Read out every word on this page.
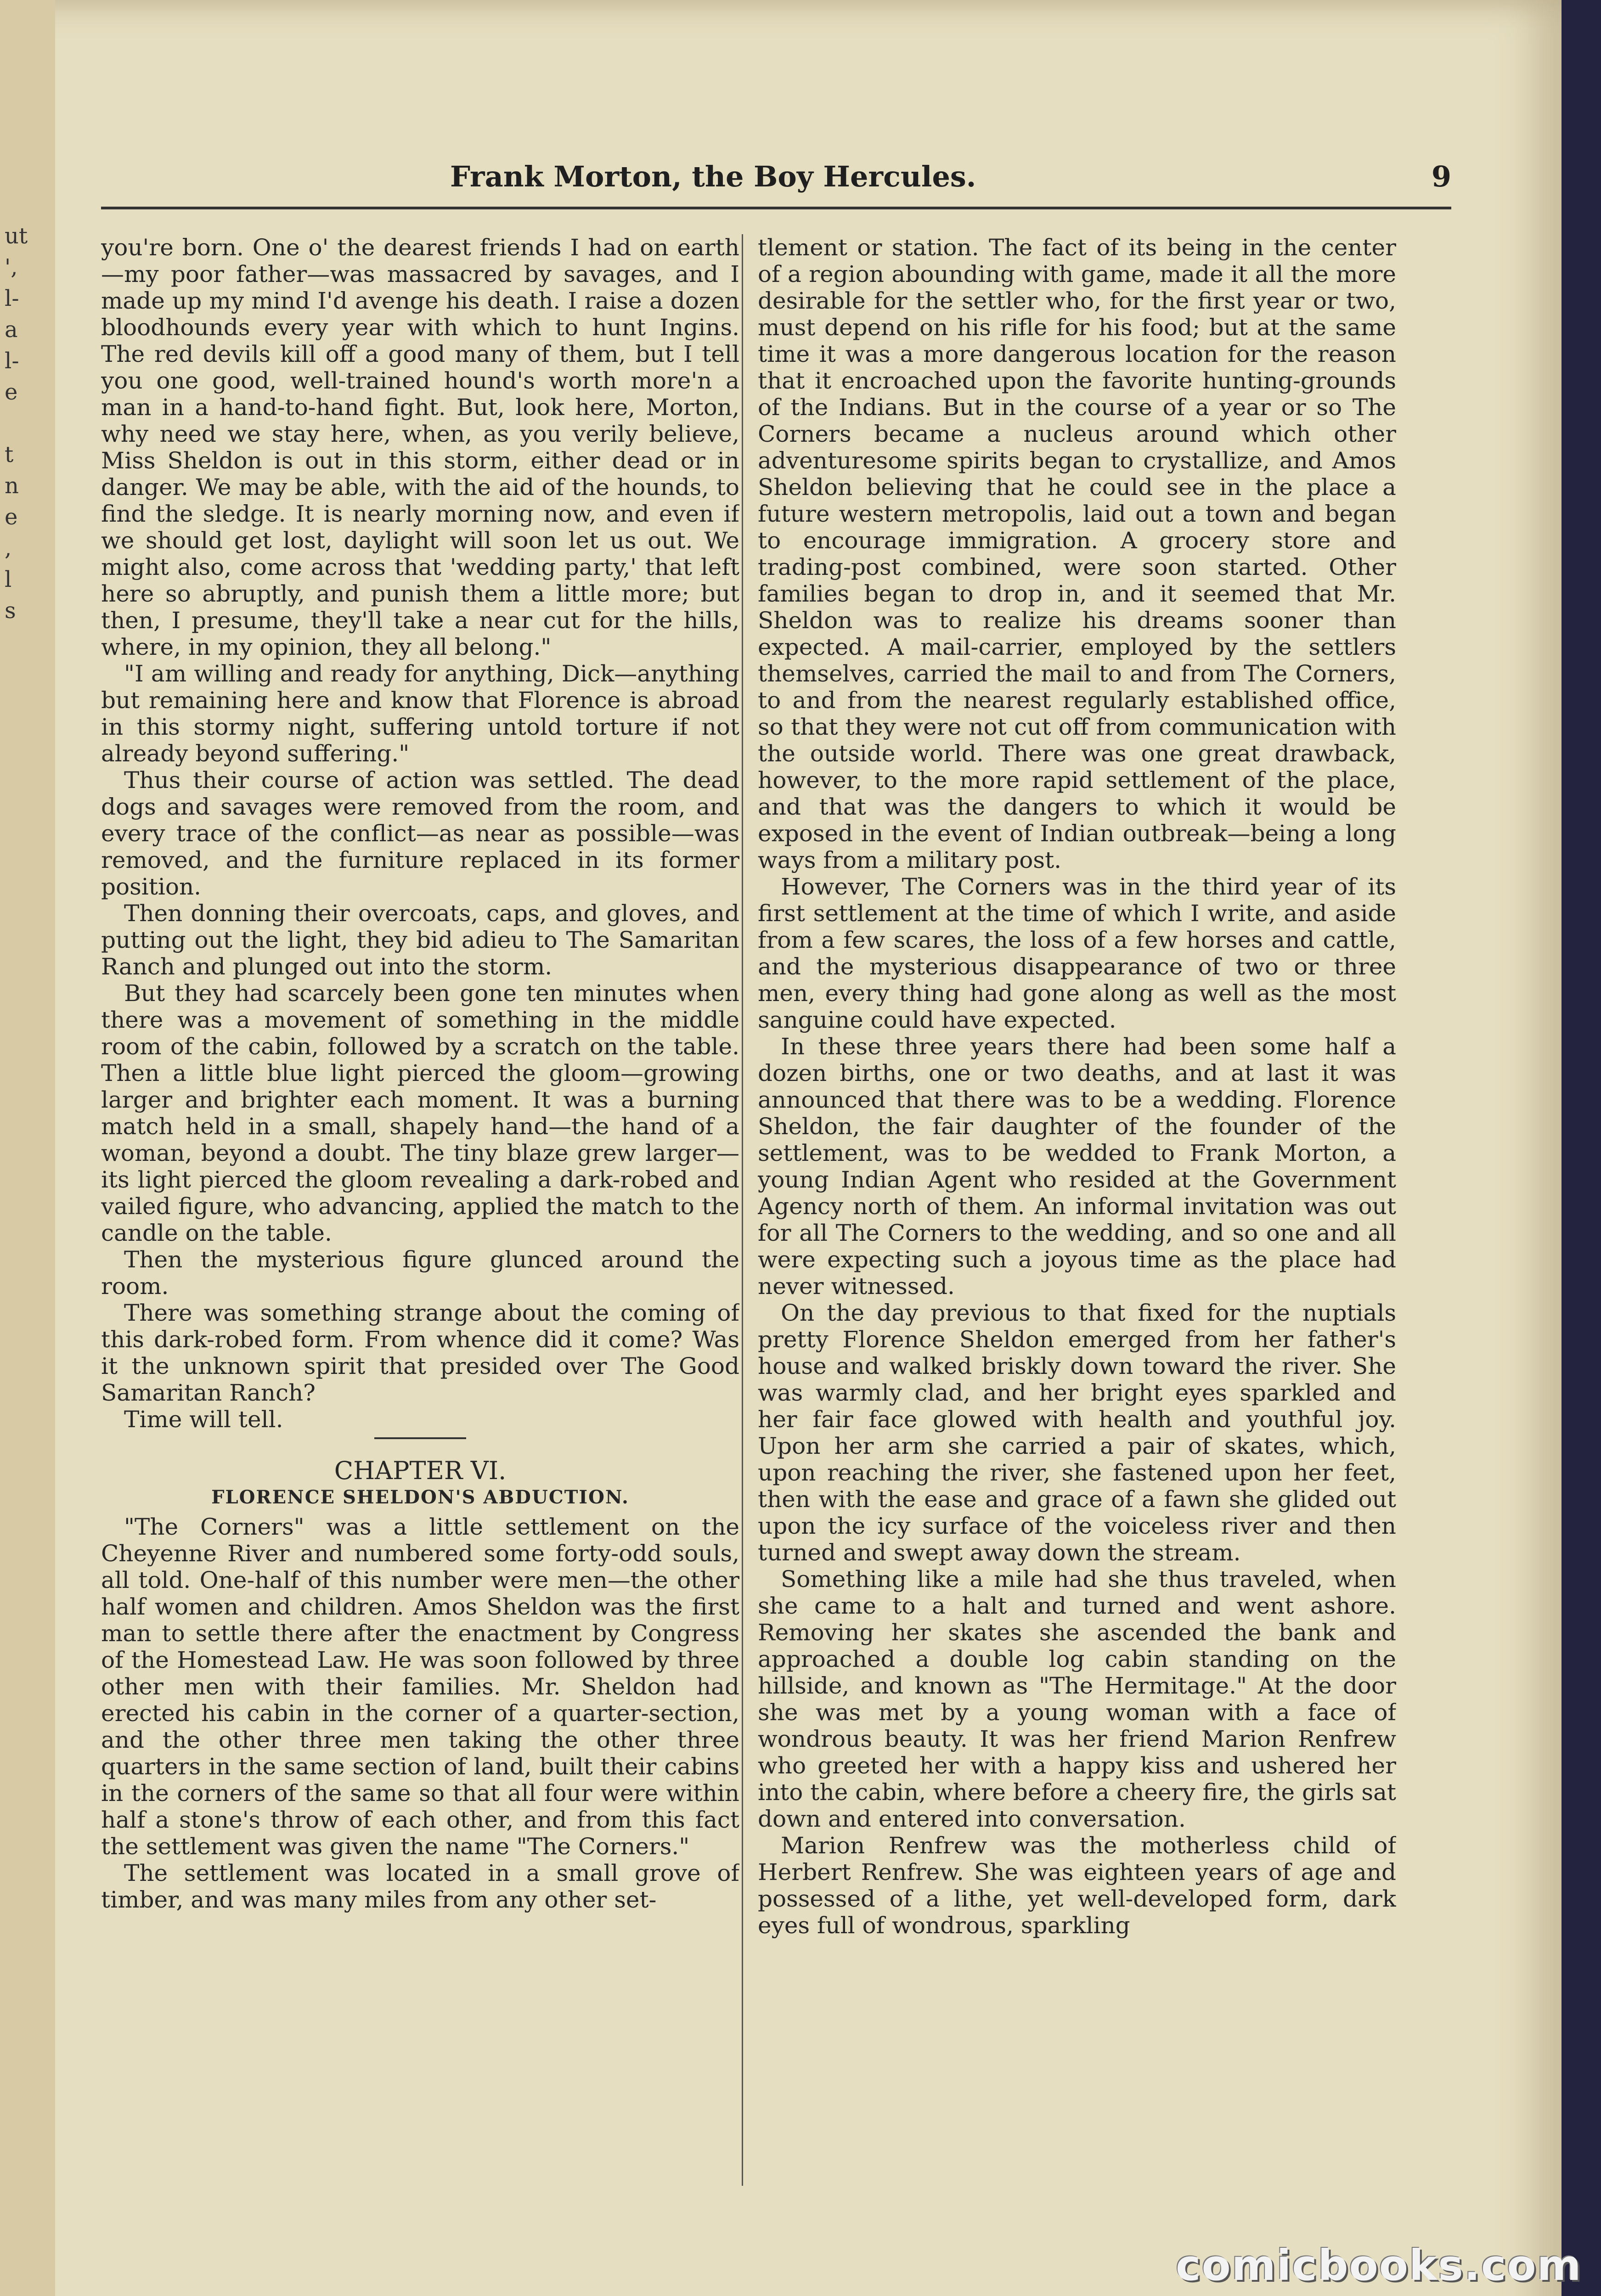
ut
',
l-
a
l-
e
t
n
e
,
l
s
Frank Morton, the Boy Hercules.	9

you're born. One o' the dearest friends I had on earth—my poor father—was massacred by savages, and I made up my mind I'd avenge his death. I raise a dozen bloodhounds every year with which to hunt Ingins. The red devils kill off a good many of them, but I tell you one good, well-trained hound's worth more'n a man in a hand-to-hand fight. But, look here, Morton, why need we stay here, when, as you verily believe, Miss Sheldon is out in this storm, either dead or in danger. We may be able, with the aid of the hounds, to find the sledge. It is nearly morning now, and even if we should get lost, daylight will soon let us out. We might also, come across that 'wedding party,' that left here so abruptly, and punish them a little more; but then, I presume, they'll take a near cut for the hills, where, in my opinion, they all belong."

"I am willing and ready for anything, Dick—anything but remaining here and know that Florence is abroad in this stormy night, suffering untold torture if not already beyond suffering."

Thus their course of action was settled. The dead dogs and savages were removed from the room, and every trace of the conflict—as near as possible—was removed, and the furniture replaced in its former position.

Then donning their overcoats, caps, and gloves, and putting out the light, they bid adieu to The Samaritan Ranch and plunged out into the storm.

But they had scarcely been gone ten minutes when there was a movement of something in the middle room of the cabin, followed by a scratch on the table. Then a little blue light pierced the gloom—growing larger and brighter each moment. It was a burning match held in a small, shapely hand—the hand of a woman, beyond a doubt. The tiny blaze grew larger—its light pierced the gloom revealing a dark-robed and vailed figure, who advancing, applied the match to the candle on the table.

Then the mysterious figure glunced around the room.

There was something strange about the coming of this dark-robed form. From whence did it come? Was it the unknown spirit that presided over The Good Samaritan Ranch?

Time will tell.

CHAPTER VI.
FLORENCE SHELDON'S ABDUCTION.

"The Corners" was a little settlement on the Cheyenne River and numbered some forty-odd souls, all told. One-half of this number were men—the other half women and children. Amos Sheldon was the first man to settle there after the enactment by Congress of the Homestead Law. He was soon followed by three other men with their families. Mr. Sheldon had erected his cabin in the corner of a quarter-section, and the other three men taking the other three quarters in the same section of land, built their cabins in the corners of the same so that all four were within half a stone's throw of each other, and from this fact the settlement was given the name "The Corners."

The settlement was located in a small grove of timber, and was many miles from any other set-

tlement or station. The fact of its being in the center of a region abounding with game, made it all the more desirable for the settler who, for the first year or two, must depend on his rifle for his food; but at the same time it was a more dangerous location for the reason that it encroached upon the favorite hunting-grounds of the Indians. But in the course of a year or so The Corners became a nucleus around which other adventuresome spirits began to crystallize, and Amos Sheldon believing that he could see in the place a future western metropolis, laid out a town and began to encourage immigration. A grocery store and trading-post combined, were soon started. Other families began to drop in, and it seemed that Mr. Sheldon was to realize his dreams sooner than expected. A mail-carrier, employed by the settlers themselves, carried the mail to and from The Corners, to and from the nearest regularly established office, so that they were not cut off from communication with the outside world. There was one great drawback, however, to the more rapid settlement of the place, and that was the dangers to which it would be exposed in the event of Indian outbreak—being a long ways from a military post.

However, The Corners was in the third year of its first settlement at the time of which I write, and aside from a few scares, the loss of a few horses and cattle, and the mysterious disappearance of two or three men, every thing had gone along as well as the most sanguine could have expected.

In these three years there had been some half a dozen births, one or two deaths, and at last it was announced that there was to be a wedding. Florence Sheldon, the fair daughter of the founder of the settlement, was to be wedded to Frank Morton, a young Indian Agent who resided at the Government Agency north of them. An informal invitation was out for all The Corners to the wedding, and so one and all were expecting such a joyous time as the place had never witnessed.

On the day previous to that fixed for the nuptials pretty Florence Sheldon emerged from her father's house and walked briskly down toward the river. She was warmly clad, and her bright eyes sparkled and her fair face glowed with health and youthful joy. Upon her arm she carried a pair of skates, which, upon reaching the river, she fastened upon her feet, then with the ease and grace of a fawn she glided out upon the icy surface of the voiceless river and then turned and swept away down the stream.

Something like a mile had she thus traveled, when she came to a halt and turned and went ashore. Removing her skates she ascended the bank and approached a double log cabin standing on the hillside, and known as "The Hermitage." At the door she was met by a young woman with a face of wondrous beauty. It was her friend Marion Renfrew who greeted her with a happy kiss and ushered her into the cabin, where before a cheery fire, the girls sat down and entered into conversation.

Marion Renfrew was the motherless child of Herbert Renfrew. She was eighteen years of age and possessed of a lithe, yet well-developed form, dark eyes full of wondrous, sparkling

comicbooks.com
